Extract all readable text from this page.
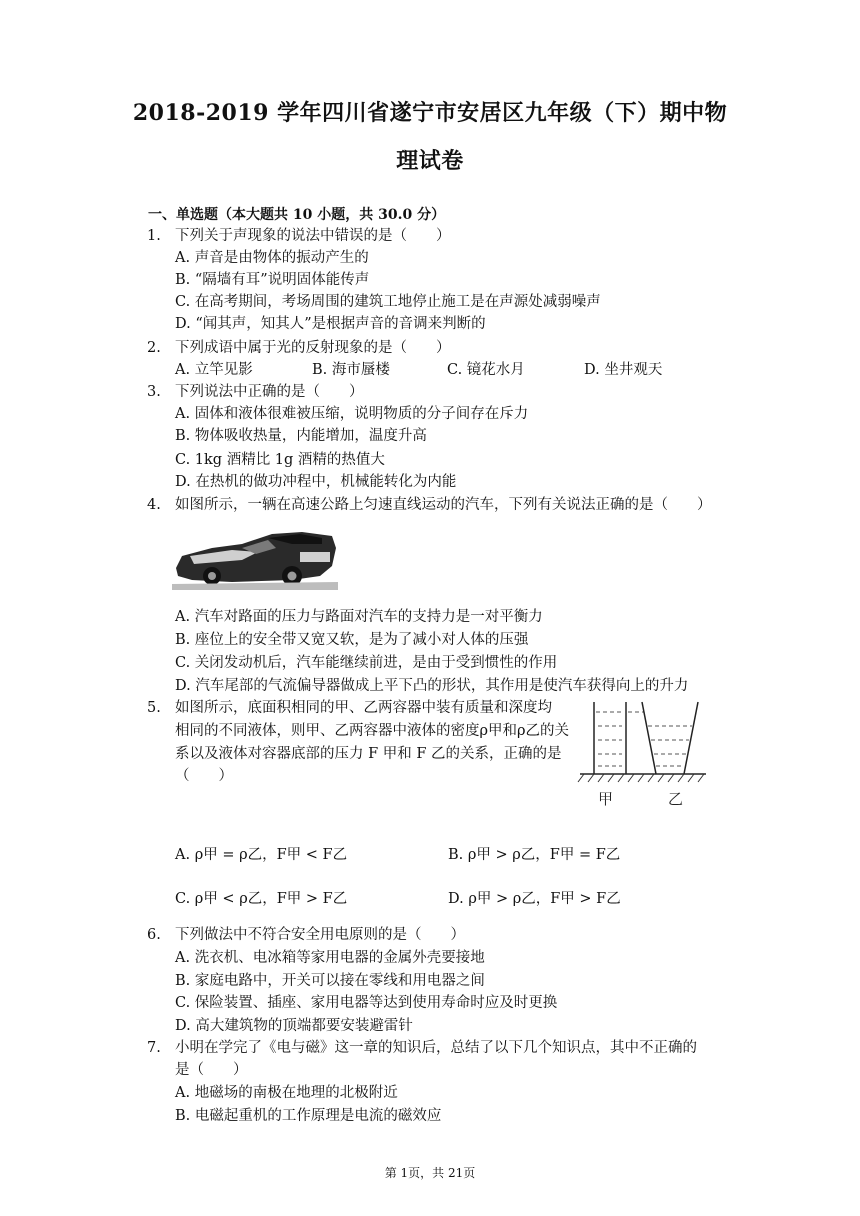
2018-2019 学年四川省遂宁市安居区九年级（下）期中物
理试卷
一、单选题（本大题共 10 小题，共 30.0 分）
1. 下列关于声现象的说法中错误的是（　　）
A. 声音是由物体的振动产生的
B. “隔墙有耳”说明固体能传声
C. 在高考期间，考场周围的建筑工地停止施工是在声源处减弱噪声
D. “闻其声，知其人”是根据声音的音调来判断的
2. 下列成语中属于光的反射现象的是（　　）
A. 立竿见影	B. 海市蜃楼	C. 镜花水月	D. 坐井观天
3. 下列说法中正确的是（　　）
A. 固体和液体很难被压缩，说明物质的分子间存在斥力
B. 物体吸收热量，内能增加，温度升高
C. 1kg 酒精比 1g 酒精的热值大
D. 在热机的做功冲程中，机械能转化为内能
4. 如图所示，一辆在高速公路上匀速直线运动的汽车，下列有关说法正确的是（　　）
A. 汽车对路面的压力与路面对汽车的支持力是一对平衡力
B. 座位上的安全带又宽又软，是为了减小对人体的压强
C. 关闭发动机后，汽车能继续前进，是由于受到惯性的作用
D. 汽车尾部的气流偏导器做成上平下凸的形状，其作用是使汽车获得向上的升力
5. 如图所示，底面积相同的甲、乙两容器中装有质量和深度均
相同的不同液体，则甲、乙两容器中液体的密度ρ甲和ρ乙的关
系以及液体对容器底部的压力 F 甲和 F 乙的关系，正确的是
（　　）
甲	乙
A. ρ甲 = ρ乙，F甲 < F乙	B. ρ甲 > ρ乙，F甲 = F乙
C. ρ甲 < ρ乙，F甲 > F乙	D. ρ甲 > ρ乙，F甲 > F乙
6. 下列做法中不符合安全用电原则的是（　　）
A. 洗衣机、电冰箱等家用电器的金属外壳要接地
B. 家庭电路中，开关可以接在零线和用电器之间
C. 保险装置、插座、家用电器等达到使用寿命时应及时更换
D. 高大建筑物的顶端都要安装避雷针
7. 小明在学完了《电与磁》这一章的知识后，总结了以下几个知识点，其中不正确的
是（　　）
A. 地磁场的南极在地理的北极附近
B. 电磁起重机的工作原理是电流的磁效应
第 1页，共 21页
